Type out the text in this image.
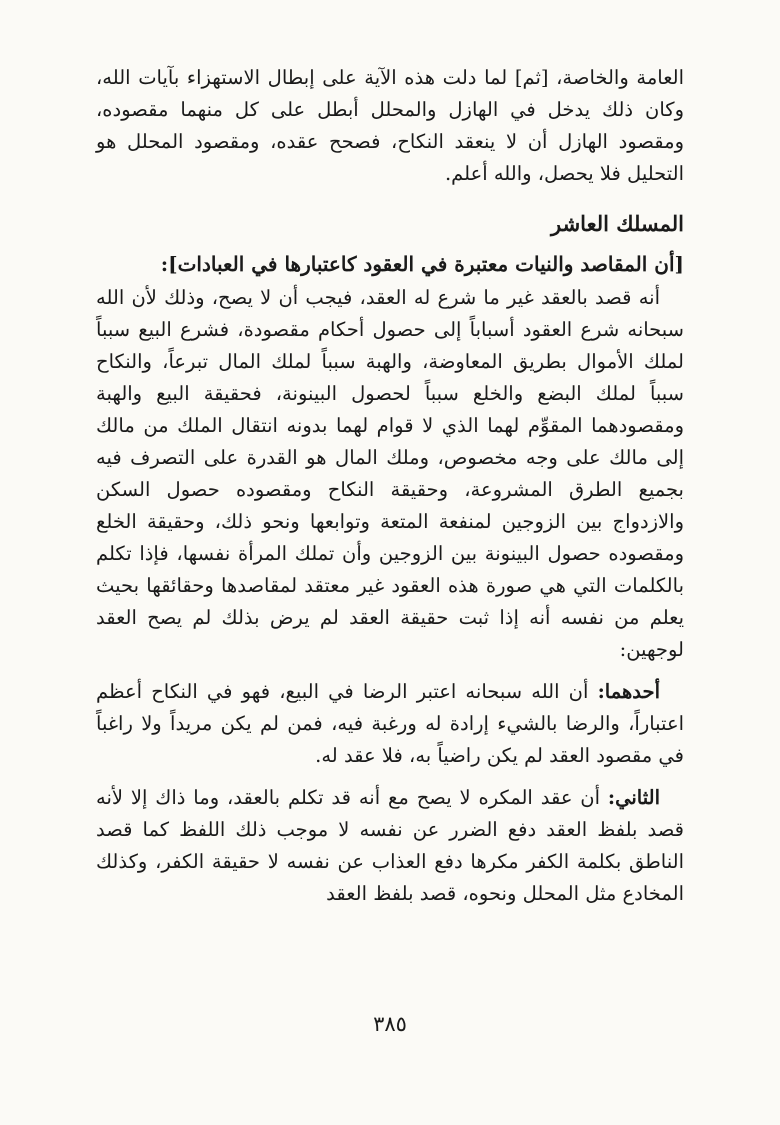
العامة والخاصة، [ثم] لما دلت هذه الآية على إبطال الاستهزاء بآيات الله، وكان ذلك يدخل في الهازل والمحلل أبطل على كل منهما مقصوده، ومقصود الهازل أن لا ينعقد النكاح، فصحح عقده، ومقصود المحلل هو التحليل فلا يحصل، والله أعلم.

المسلك العاشر
[أن المقاصد والنيات معتبرة في العقود كاعتبارها في العبادات]:

أنه قصد بالعقد غير ما شرع له العقد، فيجب أن لا يصح، وذلك لأن الله سبحانه شرع العقود أسباباً إلى حصول أحكام مقصودة، فشرع البيع سبباً لملك الأموال بطريق المعاوضة، والهبة سبباً لملك المال تبرعاً، والنكاح سبباً لملك البضع والخلع سبباً لحصول البينونة، فحقيقة البيع والهبة ومقصودهما المقوِّم لهما الذي لا قوام لهما بدونه انتقال الملك من مالك إلى مالك على وجه مخصوص، وملك المال هو القدرة على التصرف فيه بجميع الطرق المشروعة، وحقيقة النكاح ومقصوده حصول السكن والازدواج بين الزوجين لمنفعة المتعة وتوابعها ونحو ذلك، وحقيقة الخلع ومقصوده حصول البينونة بين الزوجين وأن تملك المرأة نفسها، فإذا تكلم بالكلمات التي هي صورة هذه العقود غير معتقد لمقاصدها وحقائقها بحيث يعلم من نفسه أنه إذا ثبت حقيقة العقد لم يرض بذلك لم يصح العقد لوجهين:

أحدهما: أن الله سبحانه اعتبر الرضا في البيع، فهو في النكاح أعظم اعتباراً، والرضا بالشيء إرادة له ورغبة فيه، فمن لم يكن مريداً ولا راغباً في مقصود العقد لم يكن راضياً به، فلا عقد له.

الثاني: أن عقد المكره لا يصح مع أنه قد تكلم بالعقد، وما ذاك إلا لأنه قصد بلفظ العقد دفع الضرر عن نفسه لا موجب ذلك اللفظ كما قصد الناطق بكلمة الكفر مكرها دفع العذاب عن نفسه لا حقيقة الكفر، وكذلك المخادع مثل المحلل ونحوه، قصد بلفظ العقد

٣٨٥
